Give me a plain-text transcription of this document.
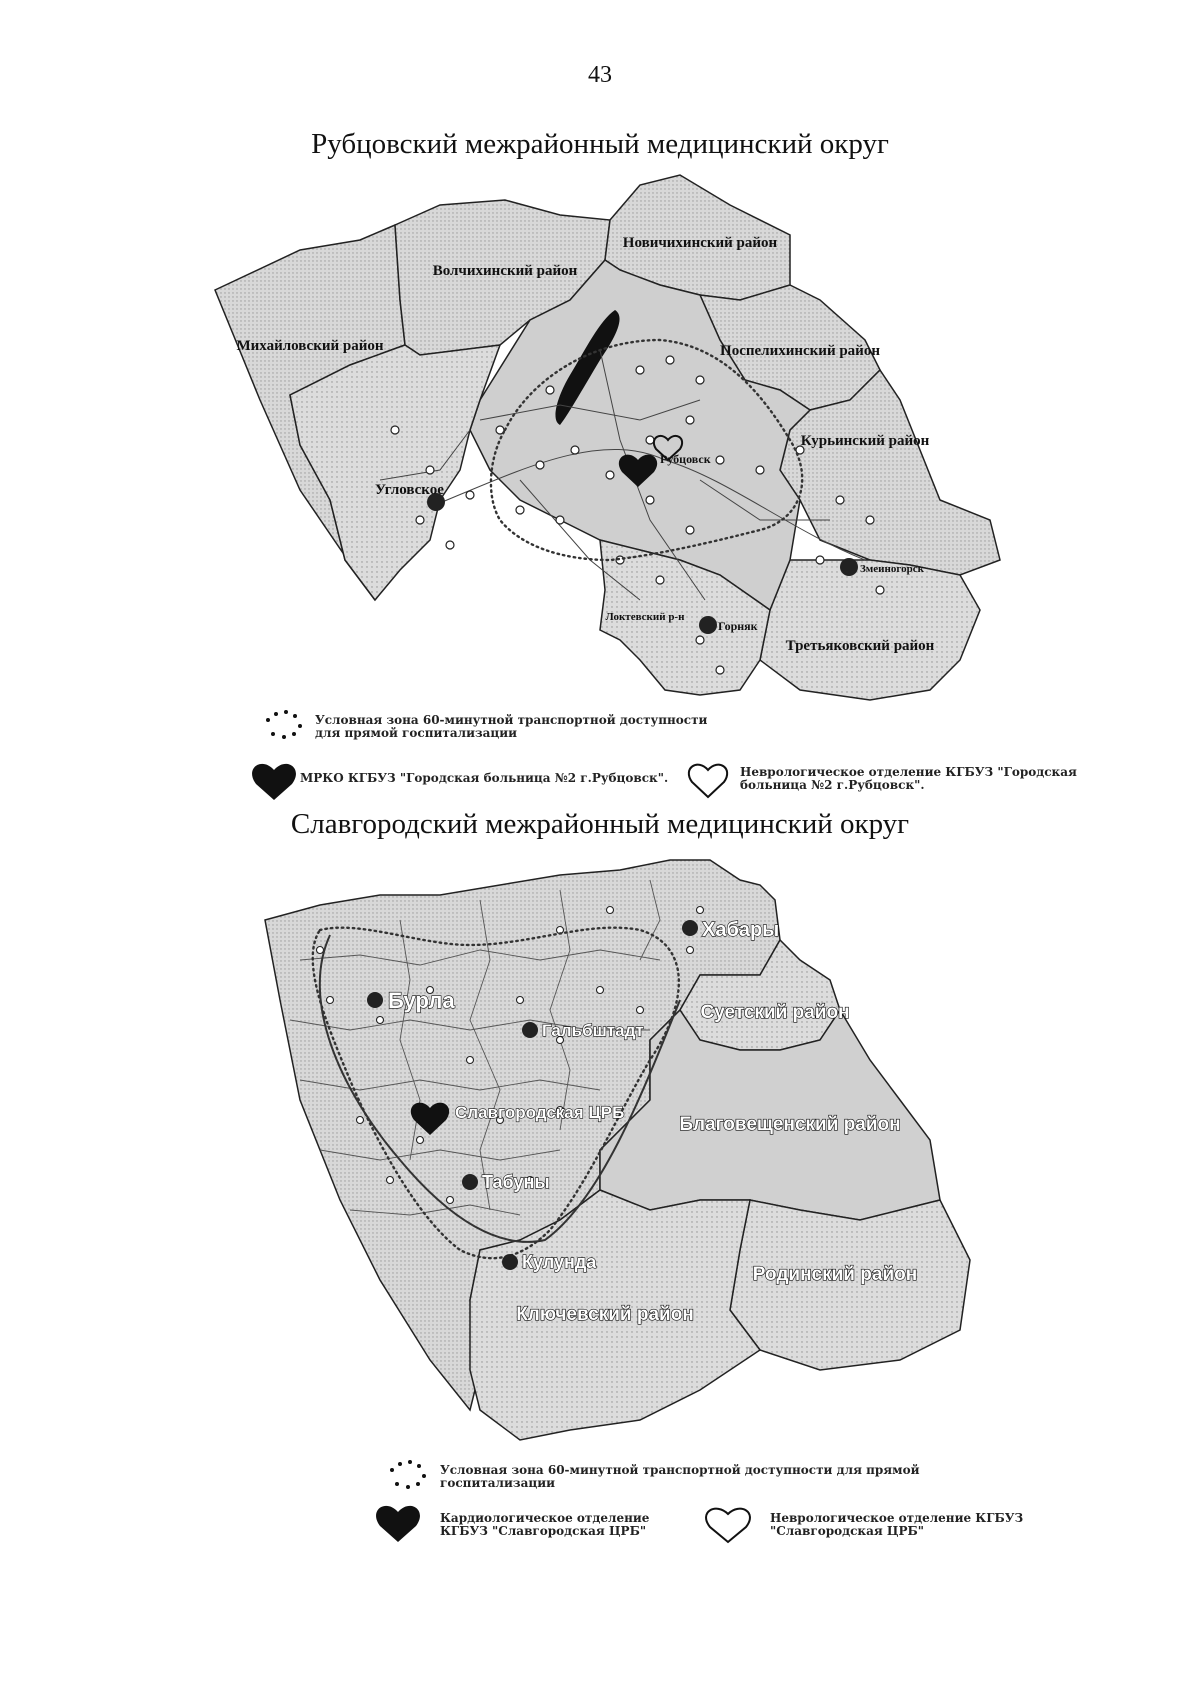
43
Рубцовский межрайонный медицинский округ
Славгородский межрайонный медицинский округ
Новичихинский район
Волчихинский район
Михайловский район	Поспелихинский район
Курьинский район
Третьяковский район
Локтевский р-н
Угловское
Рубцовск
Горняк
Змеиногорск
Суетский район
Благовещенский район
Родинский район
Ключевский район
Хабары
Бурла
Гальбштадт
Славгородская ЦРБ
Табуны
Кулунда
Условная зона 60-минутной транспортной доступности для прямой госпитализации
МРКО КГБУЗ "Городская больница №2 г.Рубцовск".	Неврологическое отделение КГБУЗ "Городская больница №2 г.Рубцовск".
Условная зона 60-минутной транспортной доступности для прямой госпитализации
Кардиологическое отделение КГБУЗ "Славгородская ЦРБ"
Неврологическое отделение КГБУЗ "Славгородская ЦРБ"
